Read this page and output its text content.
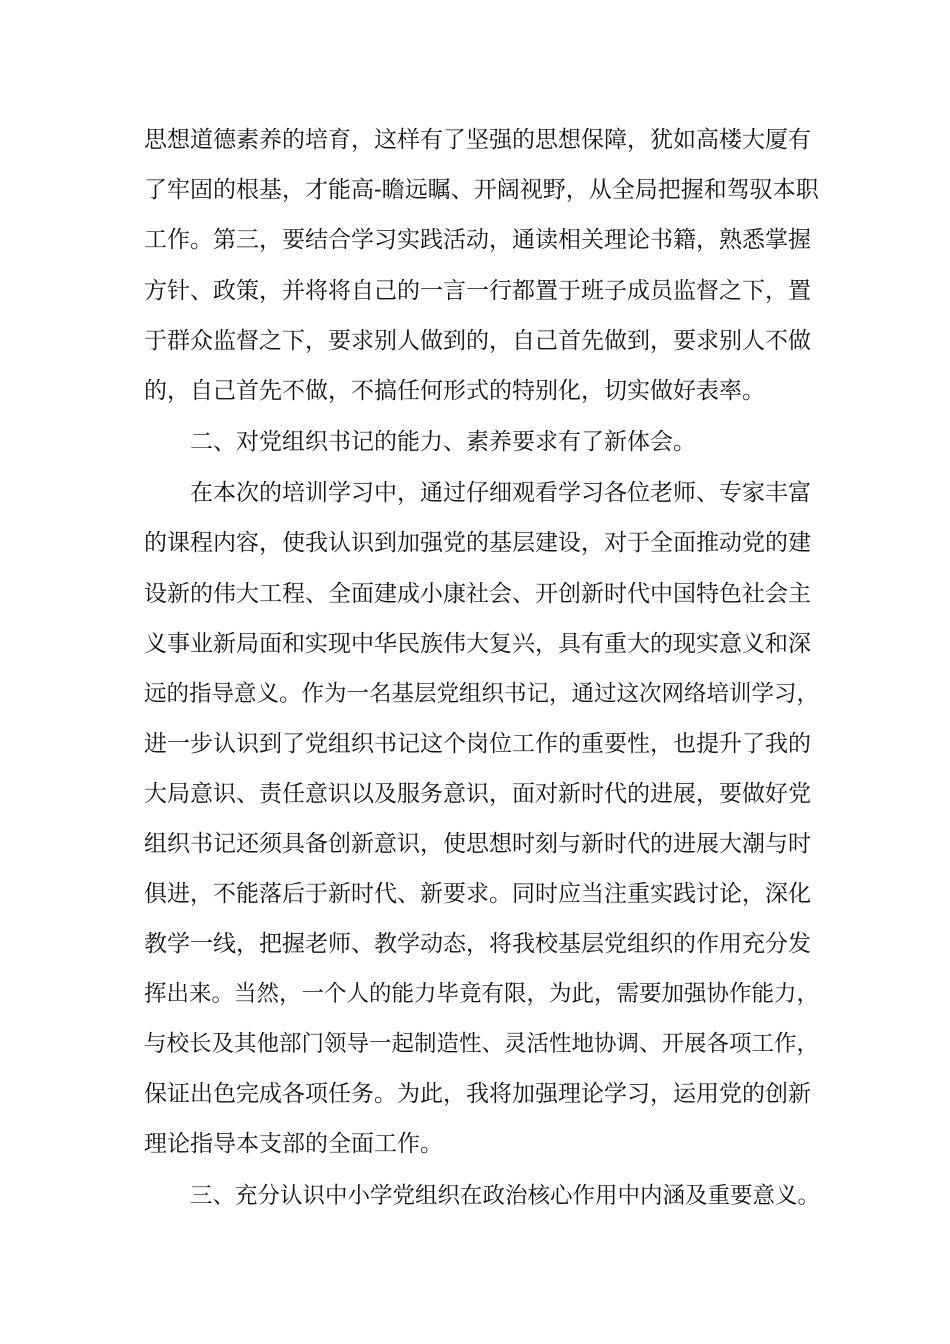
思想道德素养的培育，这样有了坚强的思想保障，犹如高楼大厦有
了牢固的根基，才能高-瞻远瞩、开阔视野，从全局把握和驾驭本职
工作。第三，要结合学习实践活动，通读相关理论书籍，熟悉掌握
方针、政策，并将将自己的一言一行都置于班子成员监督之下，置
于群众监督之下，要求别人做到的，自己首先做到，要求别人不做
的，自己首先不做，不搞任何形式的特别化，切实做好表率。
二、对党组织书记的能力、素养要求有了新体会。
在本次的培训学习中，通过仔细观看学习各位老师、专家丰富
的课程内容，使我认识到加强党的基层建设，对于全面推动党的建
设新的伟大工程、全面建成小康社会、开创新时代中国特色社会主
义事业新局面和实现中华民族伟大复兴，具有重大的现实意义和深
远的指导意义。作为一名基层党组织书记，通过这次网络培训学习，
进一步认识到了党组织书记这个岗位工作的重要性，也提升了我的
大局意识、责任意识以及服务意识，面对新时代的进展，要做好党
组织书记还须具备创新意识，使思想时刻与新时代的进展大潮与时
俱进，不能落后于新时代、新要求。同时应当注重实践讨论，深化
教学一线，把握老师、教学动态，将我校基层党组织的作用充分发
挥出来。当然，一个人的能力毕竟有限，为此，需要加强协作能力，
与校长及其他部门领导一起制造性、灵活性地协调、开展各项工作，
保证出色完成各项任务。为此，我将加强理论学习，运用党的创新
理论指导本支部的全面工作。
三、充分认识中小学党组织在政治核心作用中内涵及重要意义。
